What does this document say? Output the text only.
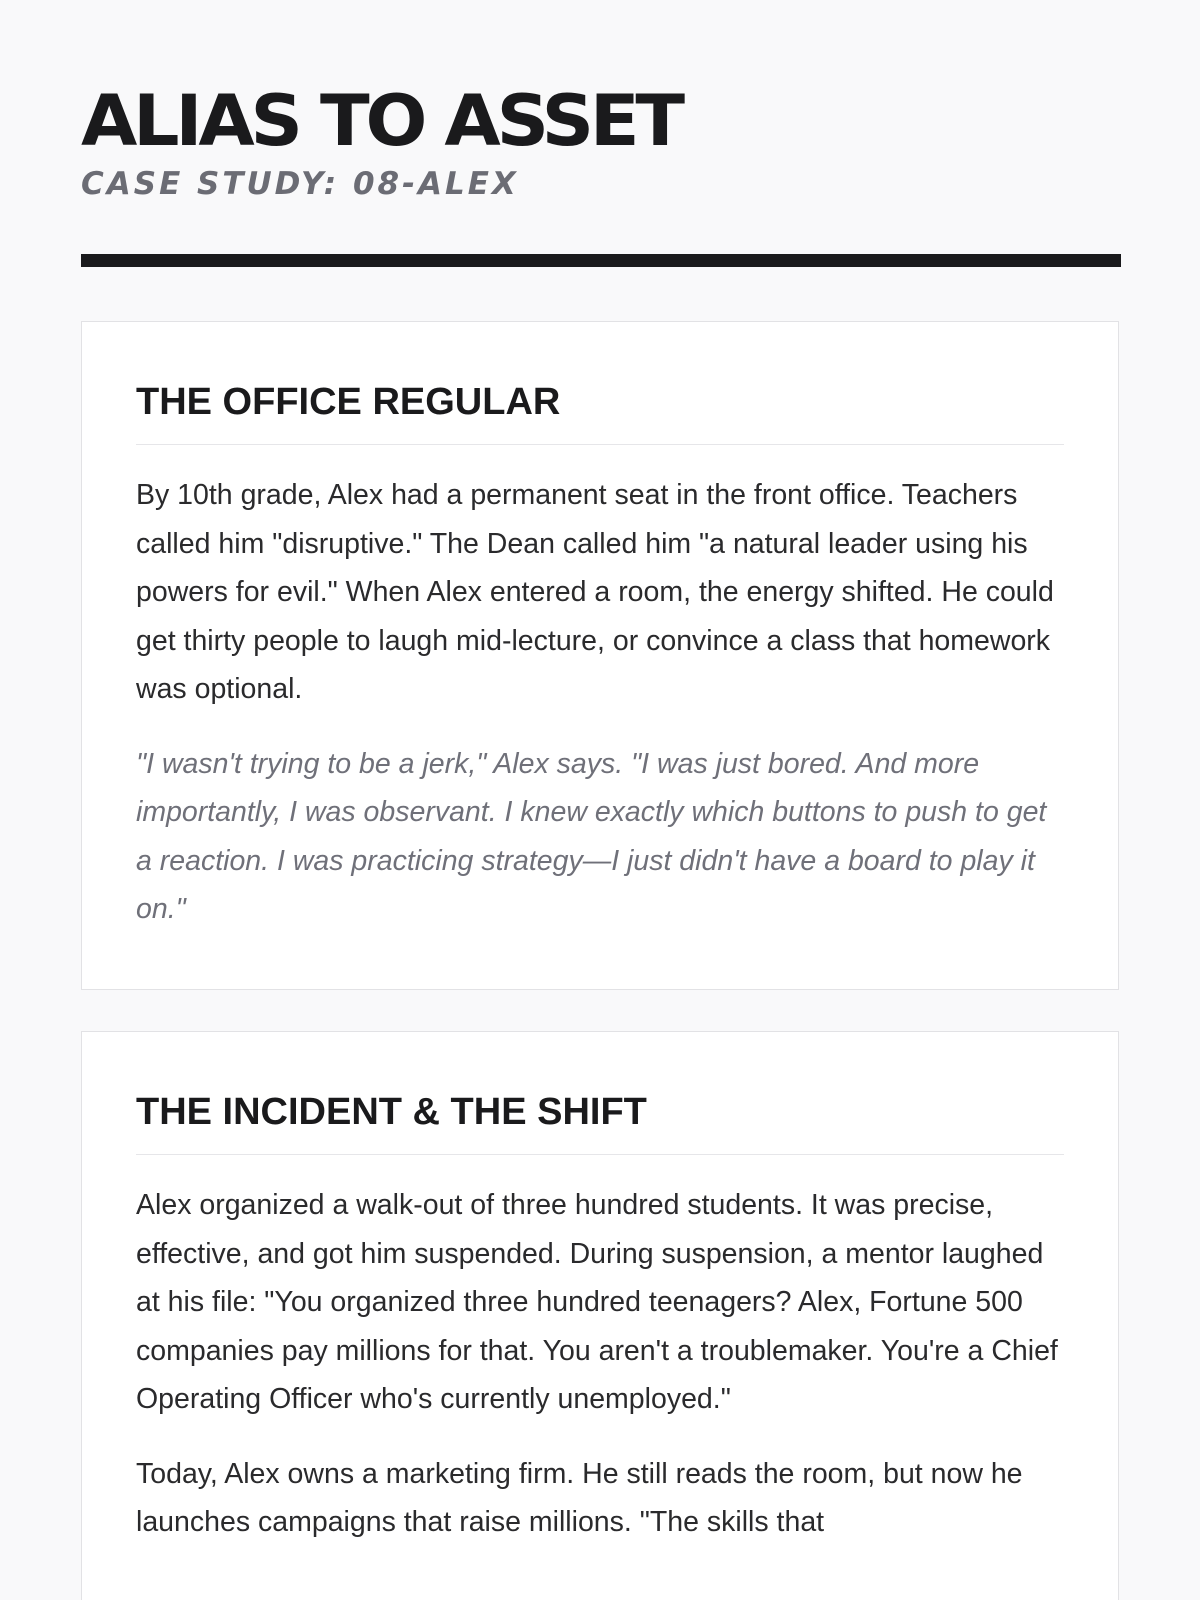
ALIAS TO ASSET
CASE STUDY: 08-ALEX
THE OFFICE REGULAR

By 10th grade, Alex had a permanent seat in the front office. Teachers called him "disruptive." The Dean called him "a natural leader using his powers for evil." When Alex entered a room, the energy shifted. He could get thirty people to laugh mid-lecture, or convince a class that homework was optional.

"I wasn't trying to be a jerk," Alex says. "I was just bored. And more importantly, I was observant. I knew exactly which buttons to push to get a reaction. I was practicing strategy—I just didn't have a board to play it on."

THE INCIDENT & THE SHIFT

Alex organized a walk-out of three hundred students. It was precise, effective, and got him suspended. During suspension, a mentor laughed at his file: "You organized three hundred teenagers? Alex, Fortune 500 companies pay millions for that. You aren't a troublemaker. You're a Chief Operating Officer who's currently unemployed."

Today, Alex owns a marketing firm. He still reads the room, but now he launches campaigns that raise millions. "The skills that
